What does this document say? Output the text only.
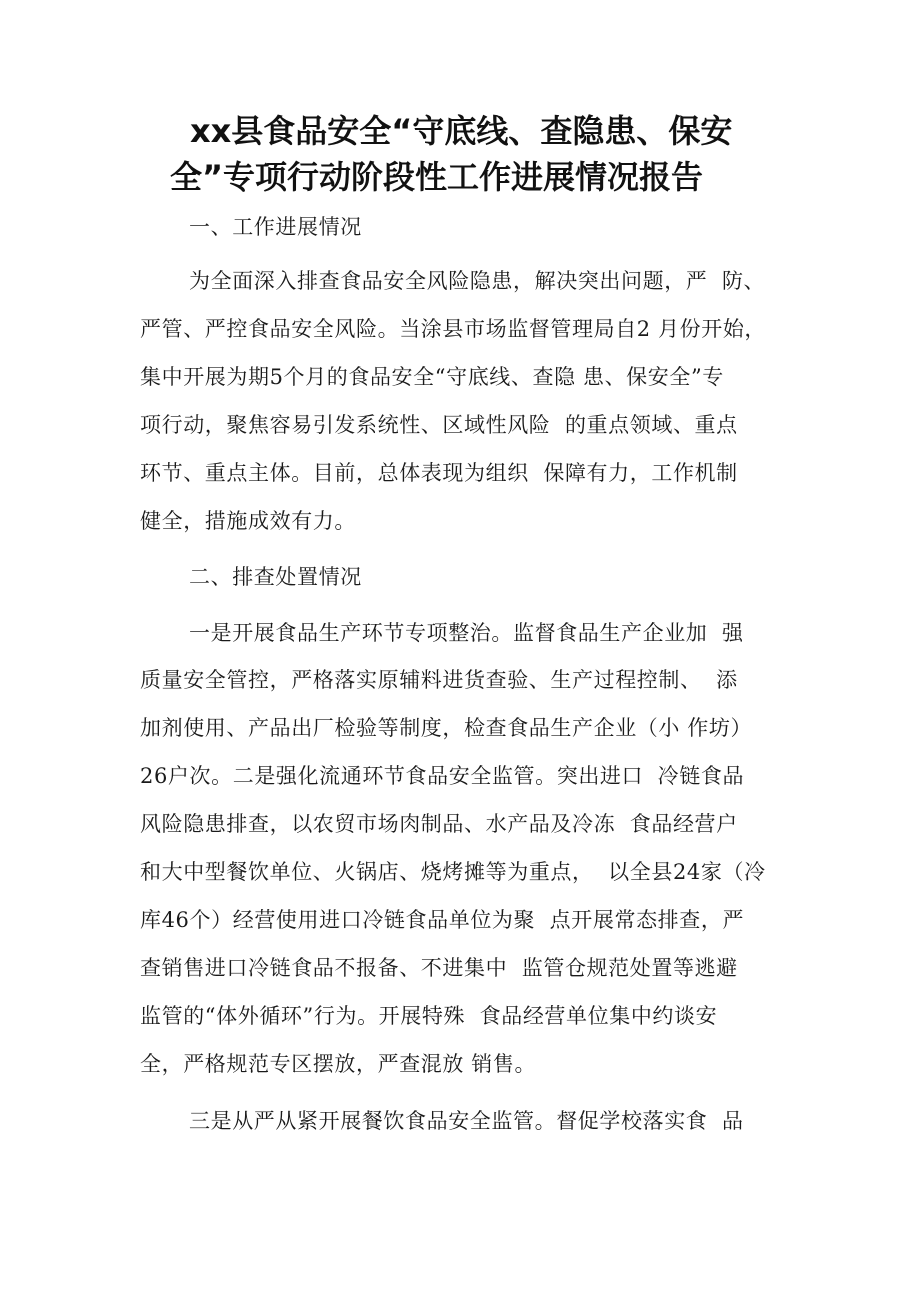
xx县食品安全“守底线、查隐患、保安
全”专项行动阶段性工作进展情况报告
一、工作进展情况
为全面深入排查食品安全风险隐患，解决突出问题，严  防、
严管、严控食品安全风险。当涂县市场监督管理局自2 月份开始，
集中开展为期5个月的食品安全“守底线、查隐 患、保安全”专
项行动，聚焦容易引发系统性、区域性风险  的重点领域、重点
环节、重点主体。目前，总体表现为组织  保障有力，工作机制
健全，措施成效有力。
二、排查处置情况
一是开展食品生产环节专项整治。监督食品生产企业加  强
质量安全管控，严格落实原辅料进货查验、生产过程控制、  添
加剂使用、产品出厂检验等制度，检查食品生产企业（小 作坊）
26户次。二是强化流通环节食品安全监管。突出进口  冷链食品
风险隐患排查，以农贸市场肉制品、水产品及冷冻  食品经营户
和大中型餐饮单位、火锅店、烧烤摊等为重点，  以全县24家（冷
库46个）经营使用进口冷链食品单位为聚  点开展常态排查，严
查销售进口冷链食品不报备、不进集中  监管仓规范处置等逃避
监管的“体外循环”行为。开展特殊  食品经营单位集中约谈安
全，严格规范专区摆放，严查混放 销售。
三是从严从紧开展餐饮食品安全监管。督促学校落实食  品
